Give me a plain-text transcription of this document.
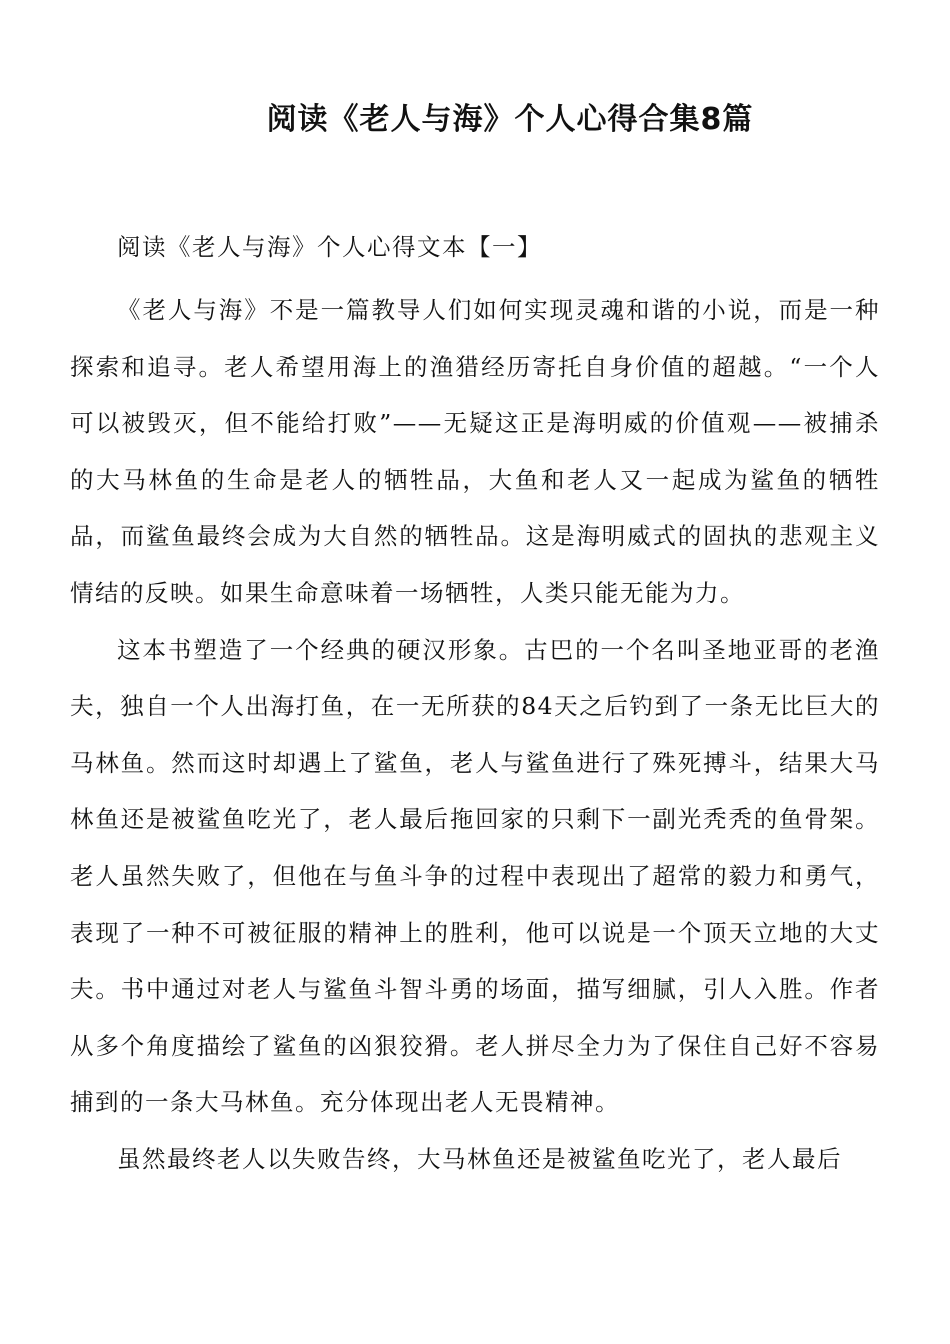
阅读《老人与海》个人心得合集8篇

阅读《老人与海》个人心得文本【一】

《老人与海》不是一篇教导人们如何实现灵魂和谐的小说，而是一种探索和追寻。老人希望用海上的渔猎经历寄托自身价值的超越。“一个人可以被毁灭，但不能给打败”——无疑这正是海明威的价值观——被捕杀的大马林鱼的生命是老人的牺牲品，大鱼和老人又一起成为鲨鱼的牺牲品，而鲨鱼最终会成为大自然的牺牲品。这是海明威式的固执的悲观主义情结的反映。如果生命意味着一场牺牲，人类只能无能为力。

这本书塑造了一个经典的硬汉形象。古巴的一个名叫圣地亚哥的老渔夫，独自一个人出海打鱼，在一无所获的84天之后钓到了一条无比巨大的马林鱼。然而这时却遇上了鲨鱼，老人与鲨鱼进行了殊死搏斗，结果大马林鱼还是被鲨鱼吃光了，老人最后拖回家的只剩下一副光秃秃的鱼骨架。老人虽然失败了，但他在与鱼斗争的过程中表现出了超常的毅力和勇气，表现了一种不可被征服的精神上的胜利，他可以说是一个顶天立地的大丈夫。书中通过对老人与鲨鱼斗智斗勇的场面，描写细腻，引人入胜。作者从多个角度描绘了鲨鱼的凶狠狡猾。老人拼尽全力为了保住自己好不容易捕到的一条大马林鱼。充分体现出老人无畏精神。

虽然最终老人以失败告终，大马林鱼还是被鲨鱼吃光了，老人最后
